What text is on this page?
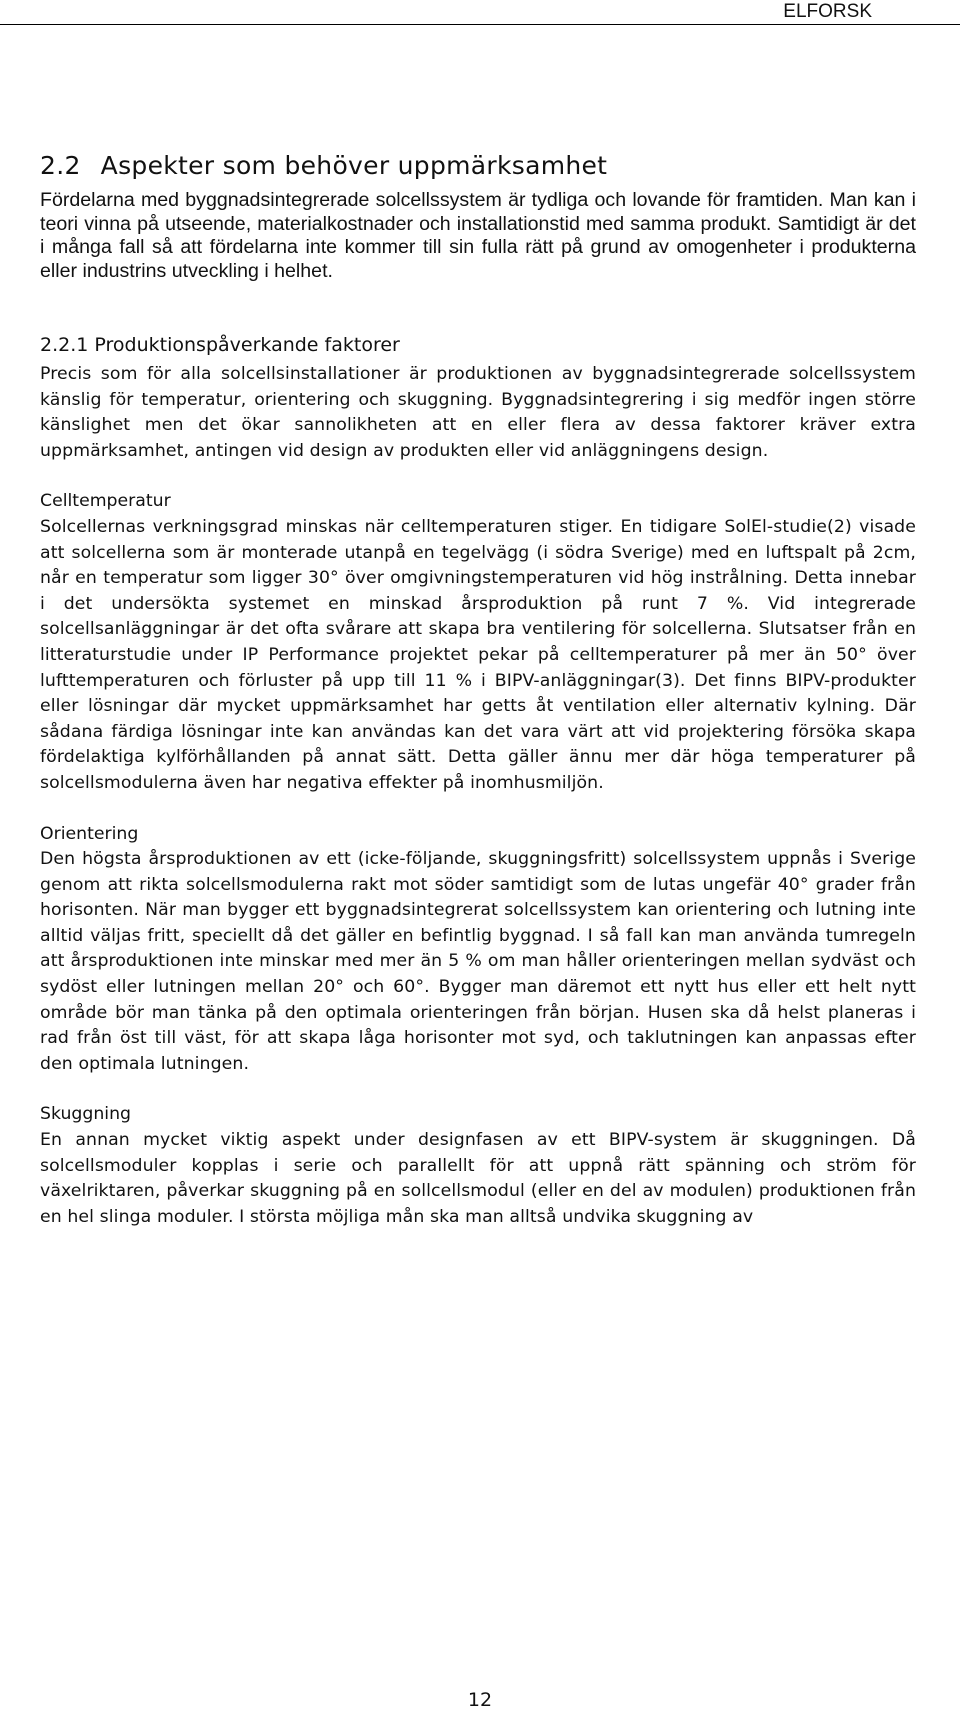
ELFORSK
2.2 Aspekter som behöver uppmärksamhet

Fördelarna med byggnadsintegrerade solcellssystem är tydliga och lovande för framtiden. Man kan i teori vinna på utseende, materialkostnader och installationstid med samma produkt. Samtidigt är det i många fall så att fördelarna inte kommer till sin fulla rätt på grund av omogenheter i produkterna eller industrins utveckling i helhet.

2.2.1 Produktionspåverkande faktorer

Precis som för alla solcellsinstallationer är produktionen av byggnadsintegrerade solcellssystem känslig för temperatur, orientering och skuggning. Byggnadsintegrering i sig medför ingen större känslighet men det ökar sannolikheten att en eller flera av dessa faktorer kräver extra uppmärksamhet, antingen vid design av produkten eller vid anläggningens design.

Celltemperatur

Solcellernas verkningsgrad minskas när celltemperaturen stiger. En tidigare SolEl-studie(2) visade att solcellerna som är monterade utanpå en tegelvägg (i södra Sverige) med en luftspalt på 2cm, når en temperatur som ligger 30° över omgivningstemperaturen vid hög instrålning. Detta innebar i det undersökta systemet en minskad årsproduktion på runt 7 %. Vid integrerade solcellsanläggningar är det ofta svårare att skapa bra ventilering för solcellerna. Slutsatser från en litteraturstudie under IP Performance projektet pekar på celltemperaturer på mer än 50° över lufttemperaturen och förluster på upp till 11 % i BIPV-anläggningar(3). Det finns BIPV-produkter eller lösningar där mycket uppmärksamhet har getts åt ventilation eller alternativ kylning. Där sådana färdiga lösningar inte kan användas kan det vara värt att vid projektering försöka skapa fördelaktiga kylförhållanden på annat sätt. Detta gäller ännu mer där höga temperaturer på solcellsmodulerna även har negativa effekter på inomhusmiljön.

Orientering

Den högsta årsproduktionen av ett (icke-följande, skuggningsfritt) solcellssystem uppnås i Sverige genom att rikta solcellsmodulerna rakt mot söder samtidigt som de lutas ungefär 40° grader från horisonten. När man bygger ett byggnadsintegrerat solcellssystem kan orientering och lutning inte alltid väljas fritt, speciellt då det gäller en befintlig byggnad. I så fall kan man använda tumregeln att årsproduktionen inte minskar med mer än 5 % om man håller orienteringen mellan sydväst och sydöst eller lutningen mellan 20° och 60°. Bygger man däremot ett nytt hus eller ett helt nytt område bör man tänka på den optimala orienteringen från början. Husen ska då helst planeras i rad från öst till väst, för att skapa låga horisonter mot syd, och taklutningen kan anpassas efter den optimala lutningen.

Skuggning

En annan mycket viktig aspekt under designfasen av ett BIPV-system är skuggningen. Då solcellsmoduler kopplas i serie och parallellt för att uppnå rätt spänning och ström för växelriktaren, påverkar skuggning på en sollcellsmodul (eller en del av modulen) produktionen från en hel slinga moduler. I största möjliga mån ska man alltså undvika skuggning av

12
